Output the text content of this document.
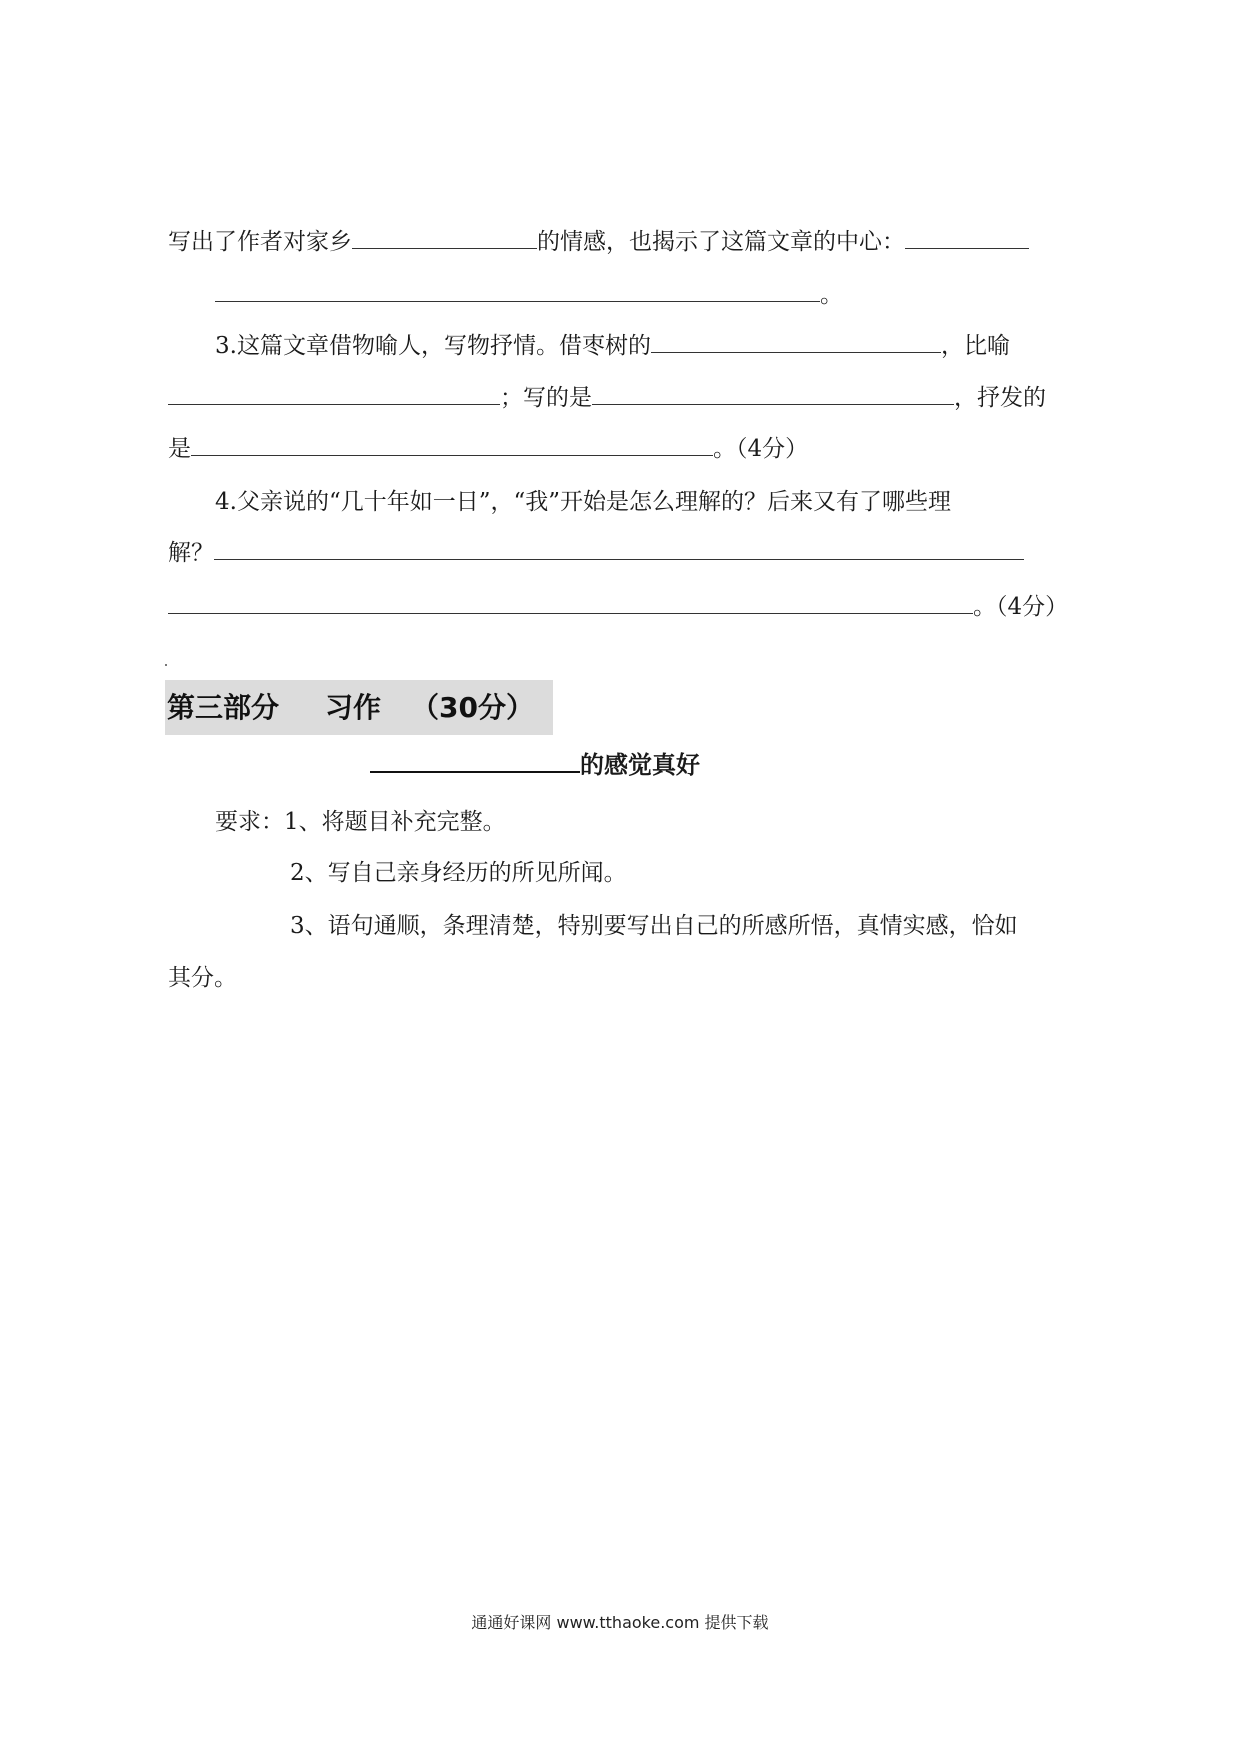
写出了作者对家乡	的情感，也揭示了这篇文章的中心：
。
3.这篇文章借物喻人，写物抒情。借枣树的	，比喻
；写的是	，抒发的
是	。（4分）
4.父亲说的“几十年如一日”，“我”开始是怎么理解的？后来又有了哪些理
解？
。（4分）
第三部分 习作 （30分）
的感觉真好
要求：1、将题目补充完整。
2、写自己亲身经历的所见所闻。
3、语句通顺，条理清楚，特别要写出自己的所感所悟，真情实感，恰如
其分。
通通好课网 www.tthaoke.com 提供下载
